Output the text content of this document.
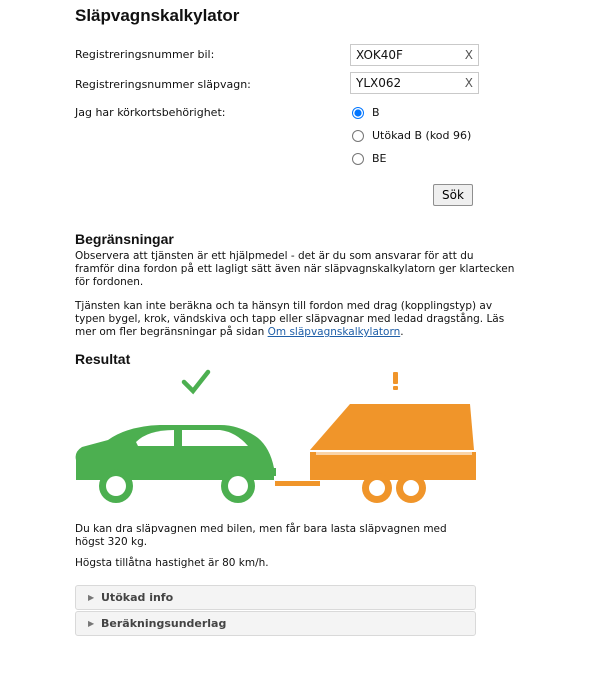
Släpvagnskalkylator
Registreringsnummer bil:
XOK40F	X
Registreringsnummer släpvagn:
YLX062	X
Jag har körkortsbehörighet:	B
Utökad B (kod 96)
BE
Sök
Begränsningar
Observera att tjänsten är ett hjälpmedel - det är du som ansvarar för att du framför dina fordon på ett lagligt sätt även när släpvagnskalkylatorn ger klartecken för fordonen.
Tjänsten kan inte beräkna och ta hänsyn till fordon med drag (kopplingstyp) av typen bygel, krok, vändskiva och tapp eller släpvagnar med ledad dragstång. Läs mer om fler begränsningar på sidan Om släpvagnskalkylatorn.
Resultat
Du kan dra släpvagnen med bilen, men får bara lasta släpvagnen med högst 320 kg.
Högsta tillåtna hastighet är 80 km/h.
▶ Utökad info
▶ Beräkningsunderlag
